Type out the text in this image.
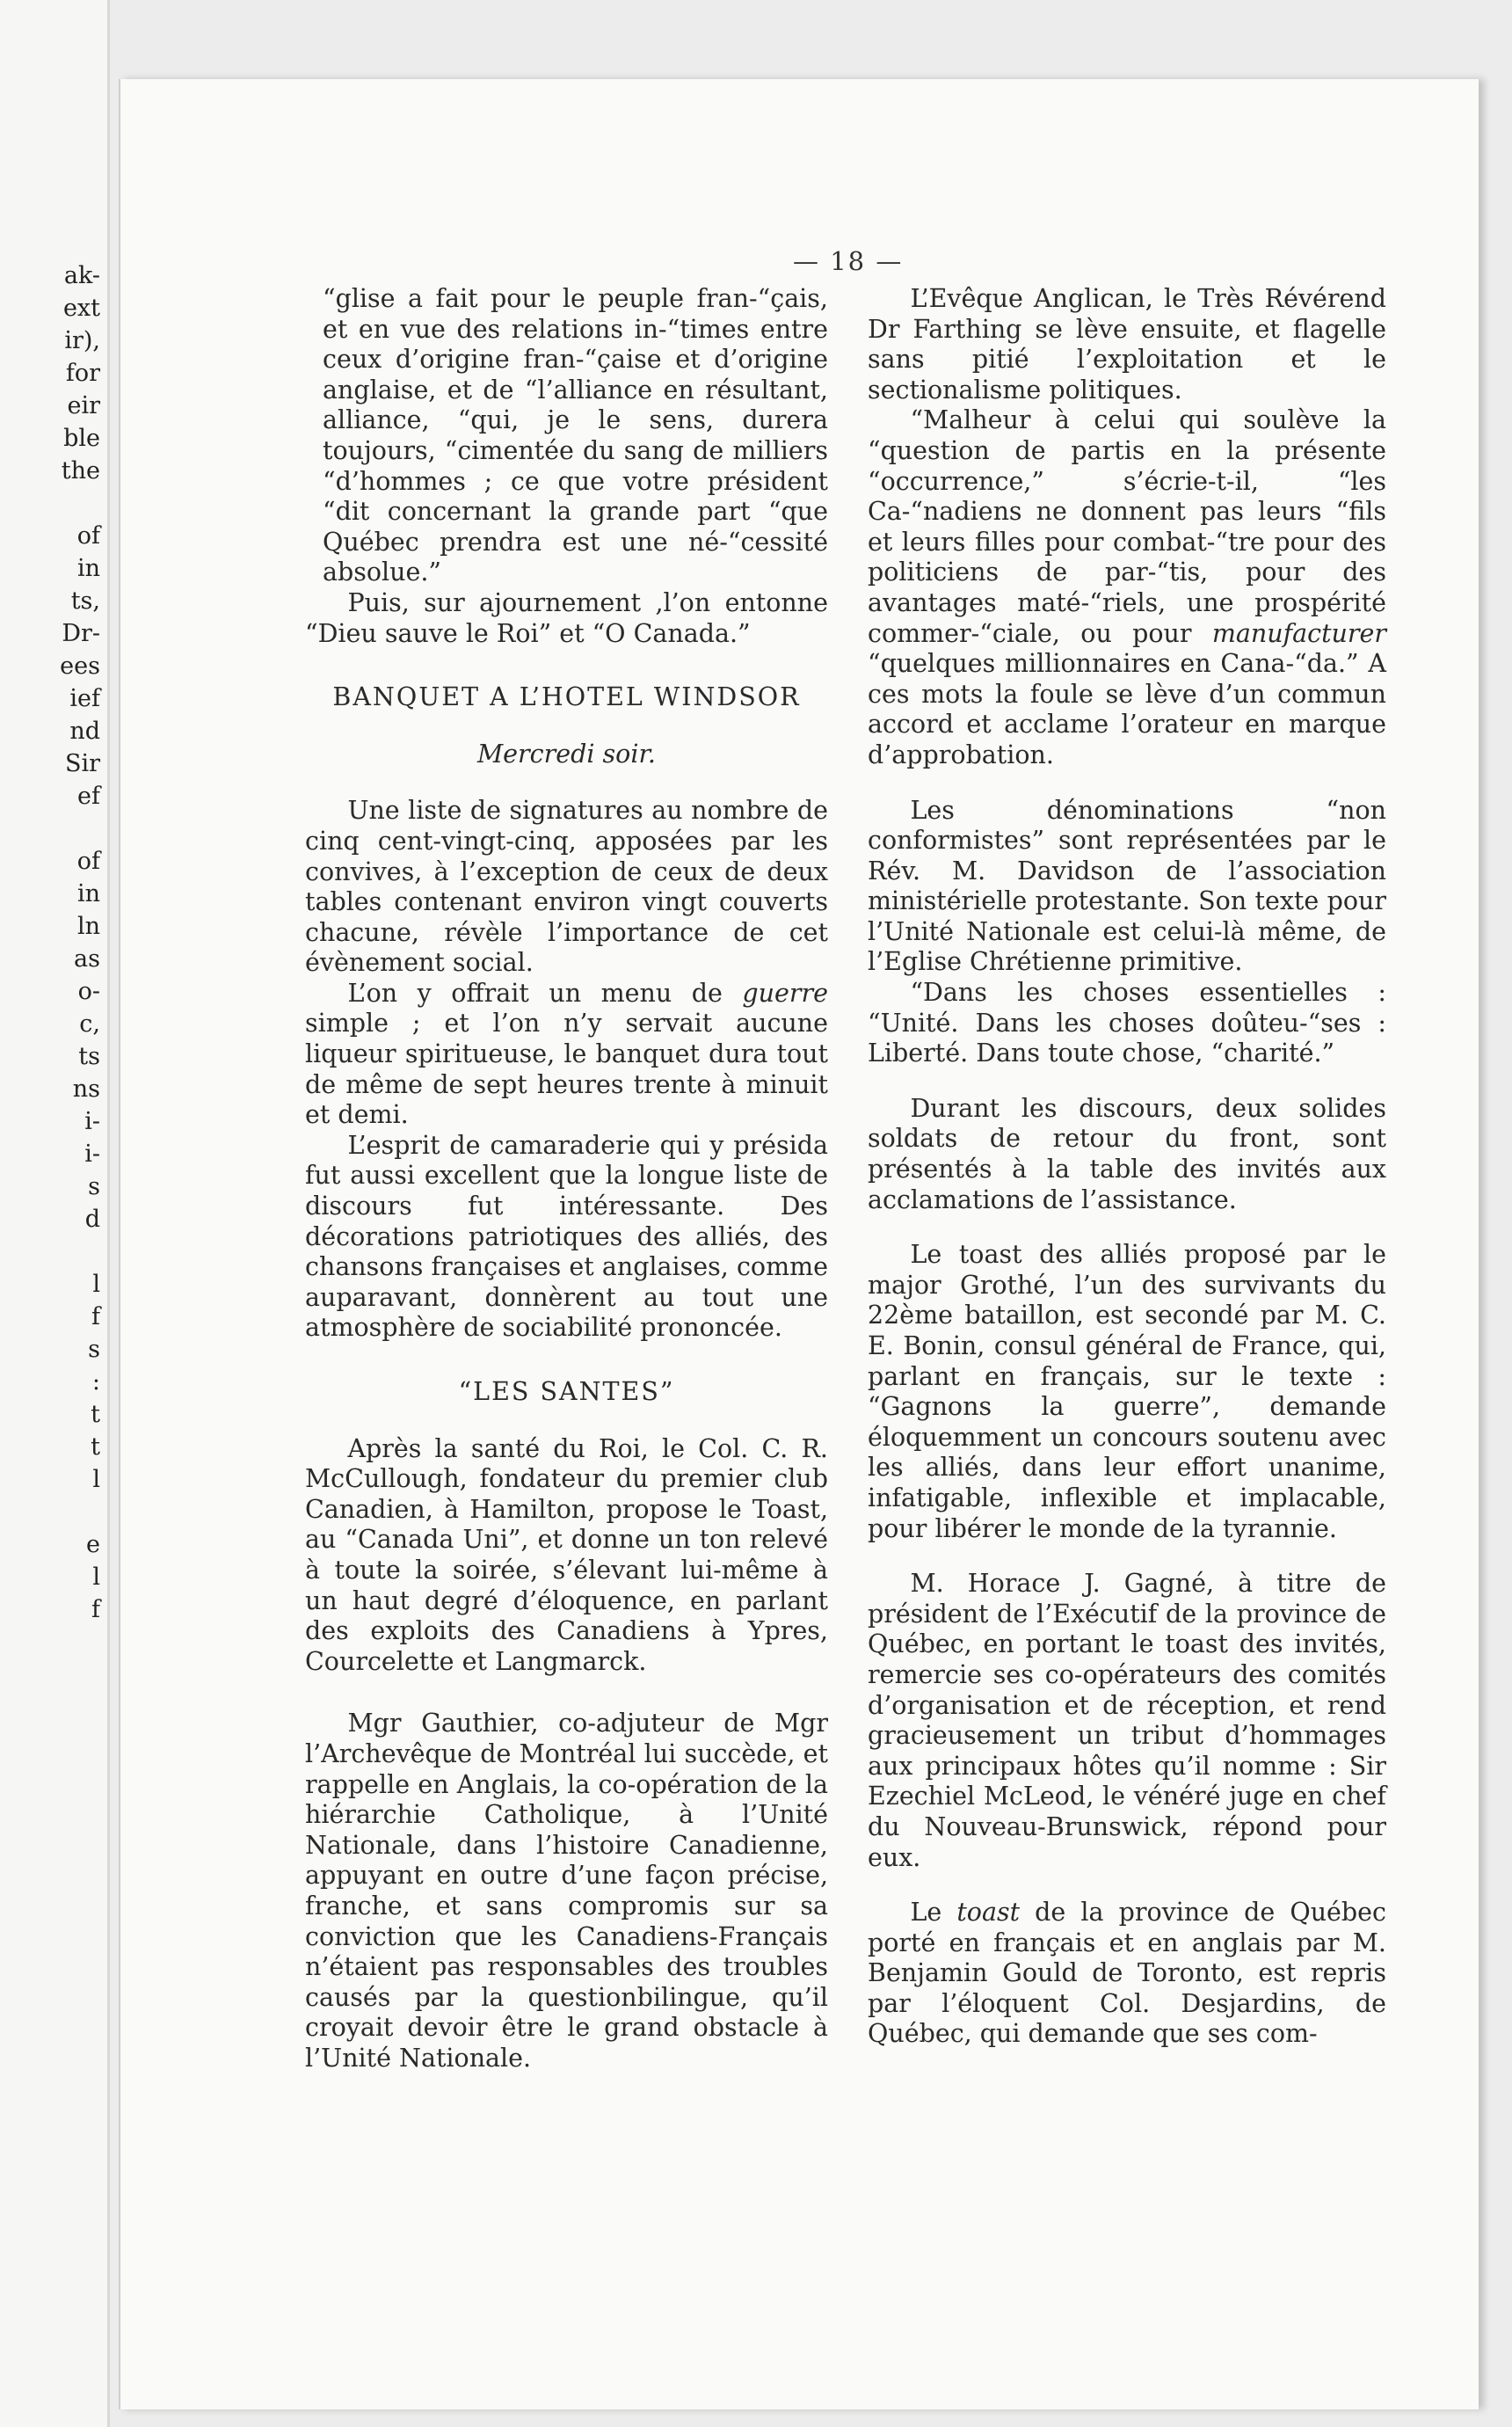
ak-
ext
ir),
for
eir
ble
the
of
in
ts,
Dr-
ees
ief
nd
Sir
ef
of
in
ln
as
o-
c,
ts
ns
i-
i-
s
d
l
f
s
:
t
t
l
e
l
f
— 18 —

“glise a fait pour le peuple fran-“çais, et en vue des relations in-“times entre ceux d’origine fran-“çaise et d’origine anglaise, et de “l’alliance en résultant, alliance, “qui, je le sens, durera toujours, “cimentée du sang de milliers “d’hommes ; ce que votre président “dit concernant la grande part “que Québec prendra est une né-“cessité absolue.”

Puis, sur ajournement ,l’on entonne “Dieu sauve le Roi” et “O Canada.”

BANQUET A L’HOTEL WINDSOR

Mercredi soir.

Une liste de signatures au nombre de cinq cent-vingt-cinq, apposées par les convives, à l’exception de ceux de deux tables contenant environ vingt couverts chacune, révèle l’importance de cet évènement social.

L’on y offrait un menu de guerre simple ; et l’on n’y servait aucune liqueur spiritueuse, le banquet dura tout de même de sept heures trente à minuit et demi.

L’esprit de camaraderie qui y présida fut aussi excellent que la longue liste de discours fut intéressante. Des décorations patriotiques des alliés, des chansons françaises et anglaises, comme auparavant, donnèrent au tout une atmosphère de sociabilité prononcée.

“LES SANTES”

Après la santé du Roi, le Col. C. R. McCullough, fondateur du premier club Canadien, à Hamilton, propose le Toast, au “Canada Uni”, et donne un ton relevé à toute la soirée, s’élevant lui-même à un haut degré d’éloquence, en parlant des exploits des Canadiens à Ypres, Courcelette et Langmarck.

Mgr Gauthier, co-adjuteur de Mgr l’Archevêque de Montréal lui succède, et rappelle en Anglais, la co-opération de la hiérarchie Catholique, à l’Unité Nationale, dans l’histoire Canadienne, appuyant en outre d’une façon précise, franche, et sans compromis sur sa conviction que les Canadiens-Français n’étaient pas responsables des troubles causés par la questionbilingue, qu’il croyait devoir être le grand obstacle à l’Unité Nationale.

L’Evêque Anglican, le Très Révérend Dr Farthing se lève ensuite, et flagelle sans pitié l’exploitation et le sectionalisme politiques.

“Malheur à celui qui soulève la “question de partis en la présente “occurrence,” s’écrie-t-il, “les Ca-“nadiens ne donnent pas leurs “fils et leurs filles pour combat-“tre pour des politiciens de par-“tis, pour des avantages maté-“riels, une prospérité commer-“ciale, ou pour manufacturer “quelques millionnaires en Cana-“da.” A ces mots la foule se lève d’un commun accord et acclame l’orateur en marque d’approbation.

Les dénominations “non conformistes” sont représentées par le Rév. M. Davidson de l’association ministérielle protestante. Son texte pour l’Unité Nationale est celui-là même, de l’Eglise Chrétienne primitive.

“Dans les choses essentielles : “Unité. Dans les choses doûteu-“ses : Liberté. Dans toute chose, “charité.”

Durant les discours, deux solides soldats de retour du front, sont présentés à la table des invités aux acclamations de l’assistance.

Le toast des alliés proposé par le major Grothé, l’un des survivants du 22ème bataillon, est secondé par M. C. E. Bonin, consul général de France, qui, parlant en français, sur le texte : “Gagnons la guerre”, demande éloquemment un concours soutenu avec les alliés, dans leur effort unanime, infatigable, inflexible et implacable, pour libérer le monde de la tyrannie.

M. Horace J. Gagné, à titre de président de l’Exécutif de la province de Québec, en portant le toast des invités, remercie ses co-opérateurs des comités d’organisation et de réception, et rend gracieusement un tribut d’hommages aux principaux hôtes qu’il nomme : Sir Ezechiel McLeod, le vénéré juge en chef du Nouveau-Brunswick, répond pour eux.

Le toast de la province de Québec porté en français et en anglais par M. Benjamin Gould de Toronto, est repris par l’éloquent Col. Desjardins, de Québec, qui demande que ses com-
